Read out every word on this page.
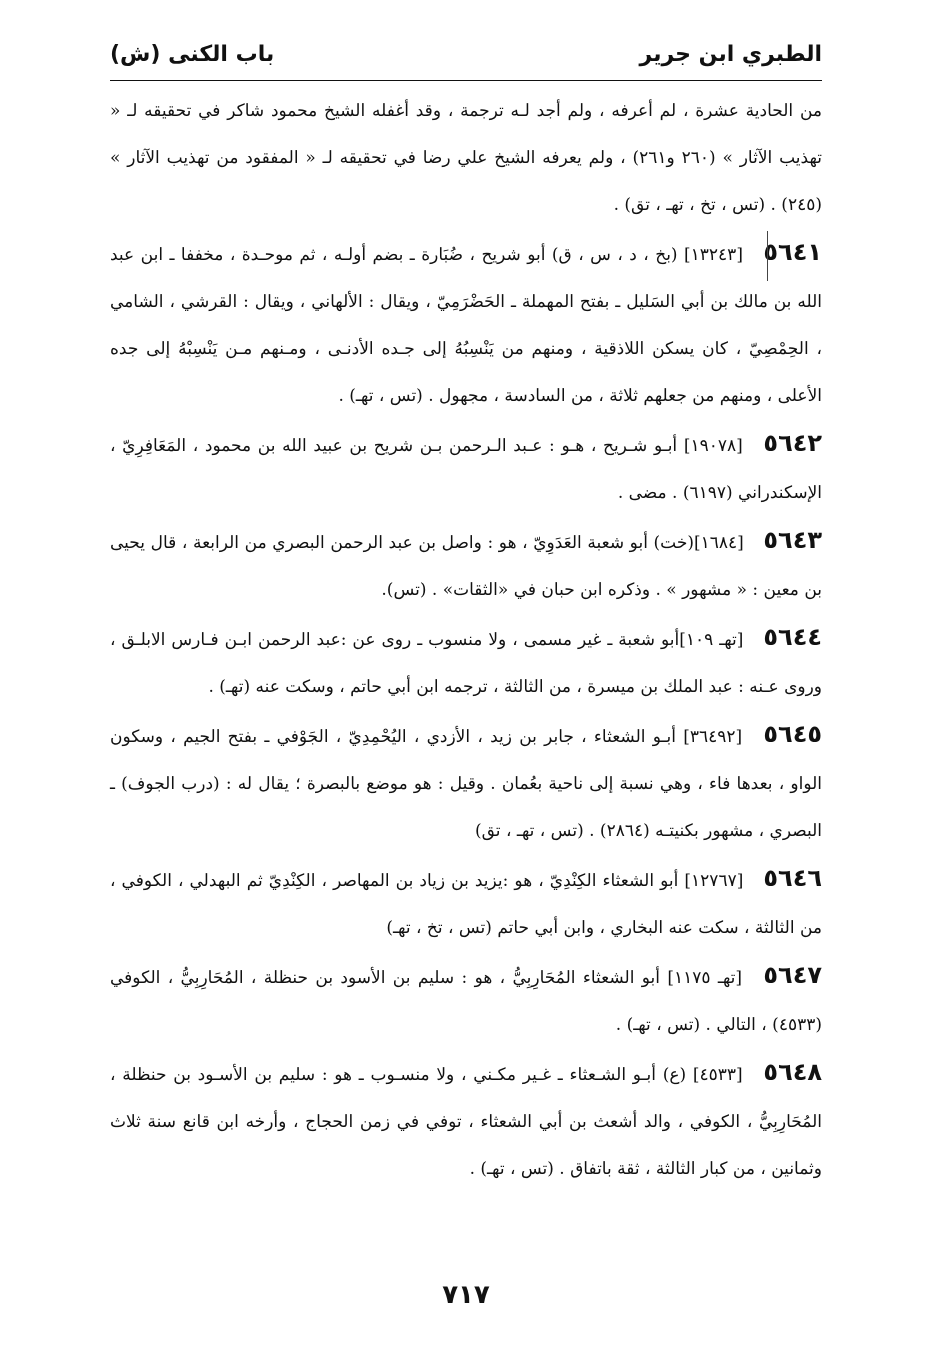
الطبري ابن جرير
باب الكنى (ش)

من الحادية عشرة ، لم أعرفه ، ولم أجد لـه ترجمة ، وقد أغفله الشيخ محمود شاكر في تحقيقه لـ « تهذيب الآثار » (٢٦٠ و٢٦١) ، ولم يعرفه الشيخ علي رضا في تحقيقه لـ « المفقود من تهذيب الآثار » (٢٤٥) . (تس ، تخ ، تهـ ، تق) .

٥٦٤١ [١٣٢٤٣] (بخ ، د ، س ، ق) أبو شريح ، ضُبَارة ـ بضم أولـه ، ثم موحـدة ، مخففا ـ ابن عبد الله بن مالك بن أبي السَليل ـ بفتح المهملة ـ الحَضْرَمِيّ ، ويقال : الألهاني ، ويقال : القرشي ، الشامي ، الحِمْصِيّ ، كان يسكن اللاذقية ، ومنهم من يَنْسِبُهُ إلى جـده الأدنـى ، ومـنهم مـن يَنْسِبْهُ إلى جده الأعلى ، ومنهم من جعلهم ثلاثة ، من السادسة ، مجهول . (تس ، تهـ) .

٥٦٤٢ [١٩٠٧٨] أبـو شـريح ، هـو : عـبد الـرحمن بـن شريح بن عبيد الله بن محمود ، المَعَافِرِيّ ، الإسكندراني (٦١٩٧) . مضى .

٥٦٤٣ [١٦٨٤](خت) أبو شعبة العَدَوِيّ ، هو : واصل بن عبد الرحمن البصري من الرابعة ، قال يحيى بن معين : « مشهور » . وذكره ابن حبان في «الثقات» . (تس).

٥٦٤٤ [تهـ ١٠٩]أبو شعبة ـ غير مسمى ، ولا منسوب ـ روى عن :عبد الرحمن ابـن فـارس الابلـق ، وروى عـنه : عبد الملك بن ميسرة ، من الثالثة ، ترجمه ابن أبي حاتم ، وسكت عنه (تهـ) .

٥٦٤٥ [٣٦٤٩٢] أبـو الشعثاء ، جابر بن زيد ، الأزدي ، اليُحْمِدِيّ ، الجَوْفي ـ بفتح الجيم ، وسكون الواو ، بعدها فاء ، وهي نسبة إلى ناحية بعُمان . وقيل : هو موضع بالبصرة ؛ يقال له : (درب الجوف) ـ البصري ، مشهور بكنيتـه (٢٨٦٤) . (تس ، تهـ ، تق)

٥٦٤٦ [١٢٧٦٧] أبو الشعثاء الكِنْدِيّ ، هو :يزيد بن زياد بن المهاصر ، الكِنْدِيّ ثم البهدلي ، الكوفي ، من الثالثة ، سكت عنه البخاري ، وابن أبي حاتم (تس ، تخ ، تهـ)

٥٦٤٧ [تهـ ١١٧٥] أبو الشعثاء المُحَارِبِيُّ ، هو : سليم بن الأسود بن حنظلة ، المُحَارِبِيُّ ، الكوفي (٤٥٣٣) ، التالي . (تس ، تهـ) .

٥٦٤٨ [٤٥٣٣] (ع) أبـو الشـعثاء ـ غـير مكـني ، ولا منسـوب ـ هو : سليم بن الأسـود بن حنظلة ، المُحَارِبِيُّ ، الكوفي ، والد أشعث بن أبي الشعثاء ، توفي في زمن الحجاج ، وأرخه ابن قانع سنة ثلاث وثمانين ، من كبار الثالثة ، ثقة باتفاق . (تس ، تهـ) .

٧١٧
